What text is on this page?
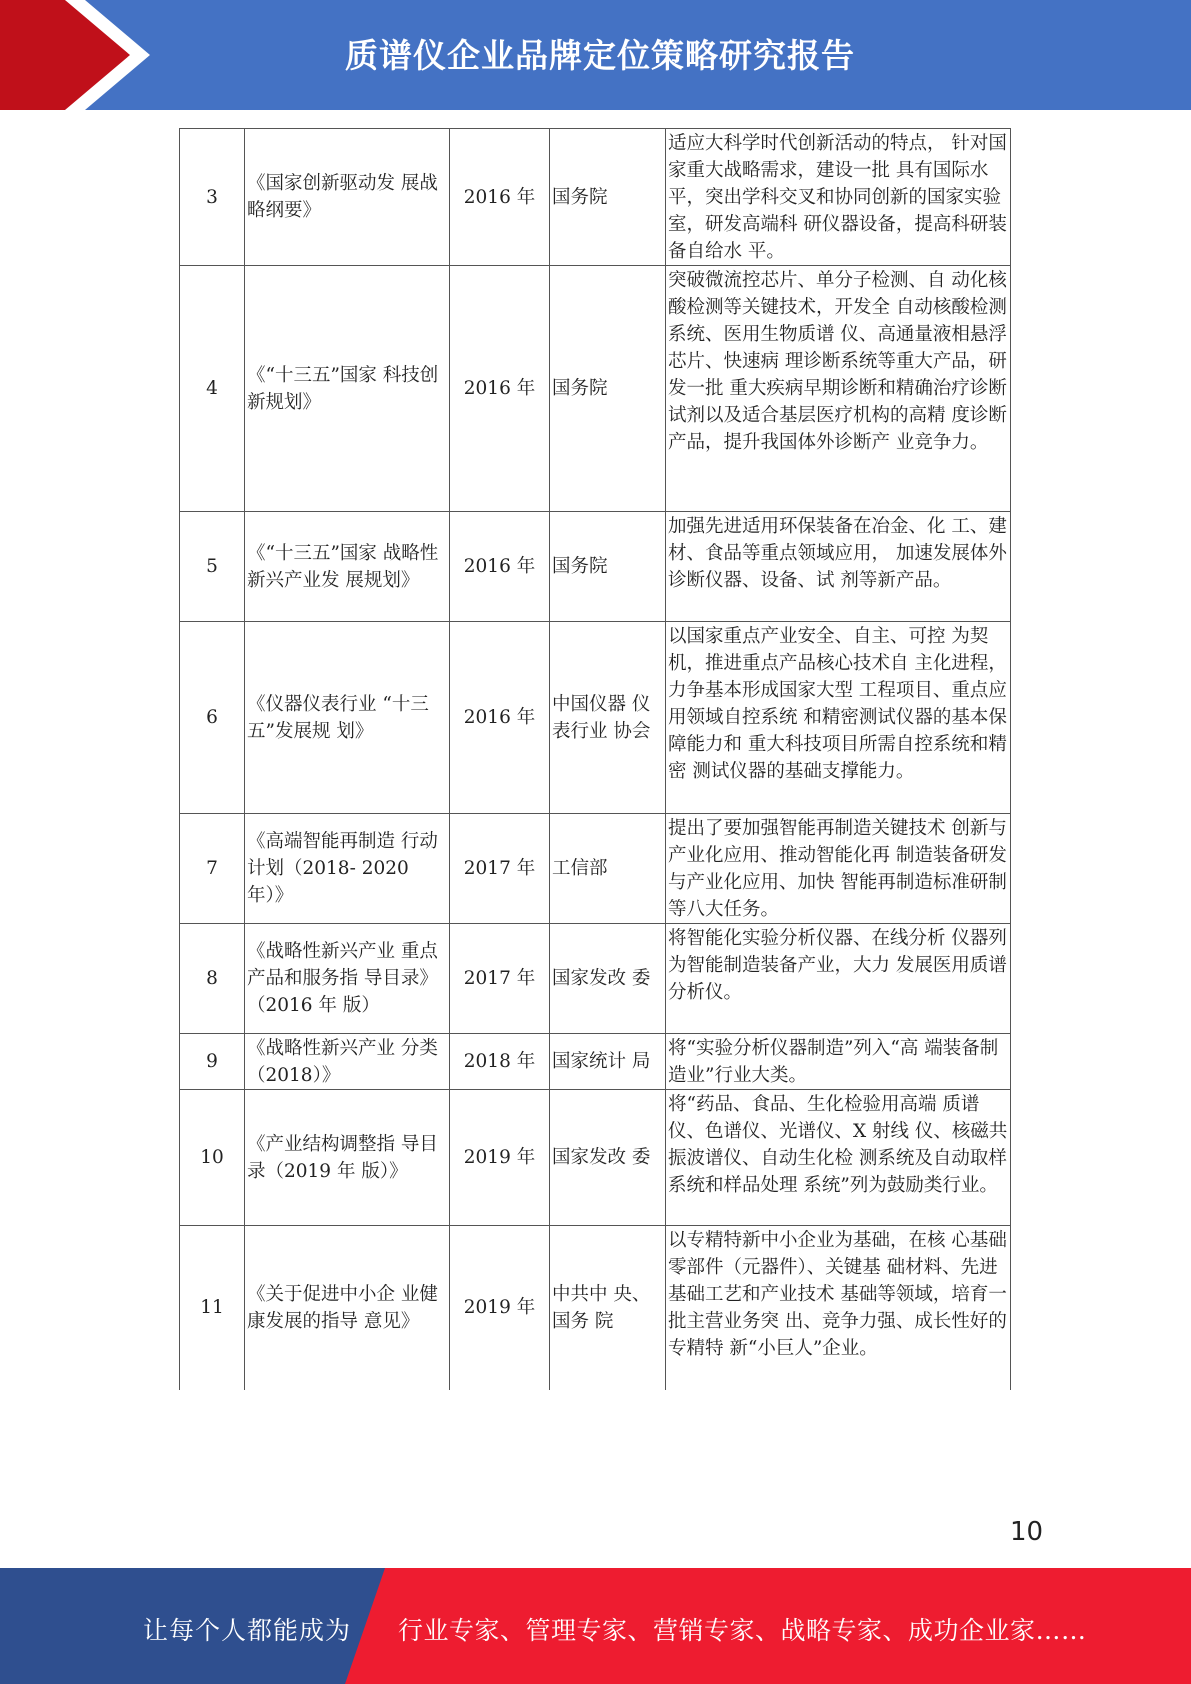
质谱仪企业品牌定位策略研究报告
3	《国家创新驱动发 展战略纲要》	2016 年	国务院	适应大科学时代创新活动的特点， 针对国家重大战略需求，建设一批 具有国际水平，突出学科交叉和协同创新的国家实验室，研发高端科 研仪器设备，提高科研装备自给水 平。
4	《“十三五”国家 科技创新规划》	2016 年	国务院	突破微流控芯片、单分子检测、自 动化核酸检测等关键技术，开发全 自动核酸检测系统、医用生物质谱 仪、高通量液相悬浮芯片、快速病 理诊断系统等重大产品，研发一批 重大疾病早期诊断和精确治疗诊断 试剂以及适合基层医疗机构的高精 度诊断产品，提升我国体外诊断产 业竞争力。
5	《“十三五”国家 战略性新兴产业发 展规划》	2016 年	国务院	加强先进适用环保装备在冶金、化 工、建材、食品等重点领域应用， 加速发展体外诊断仪器、设备、试 剂等新产品。
6	《仪器仪表行业 “十三五”发展规 划》	2016 年	中国仪器 仪表行业 协会	以国家重点产业安全、自主、可控 为契机，推进重点产品核心技术自 主化进程，力争基本形成国家大型 工程项目、重点应用领域自控系统 和精密测试仪器的基本保障能力和 重大科技项目所需自控系统和精密 测试仪器的基础支撑能力。
7	《高端智能再制造 行动计划（2018- 2020 年）》	2017 年	工信部	提出了要加强智能再制造关键技术 创新与产业化应用、推动智能化再 制造装备研发与产业化应用、加快 智能再制造标准研制等八大任务。
8	《战略性新兴产业 重点产品和服务指 导目录》（2016 年 版）	2017 年	国家发改 委	将智能化实验分析仪器、在线分析 仪器列为智能制造装备产业，大力 发展医用质谱分析仪。
9	《战略性新兴产业 分类（2018）》	2018 年	国家统计 局	将“实验分析仪器制造”列入“高 端装备制造业”行业大类。
10	《产业结构调整指 导目录（2019 年 版）》	2019 年	国家发改 委	将“药品、食品、生化检验用高端 质谱仪、色谱仪、光谱仪、X 射线 仪、核磁共振波谱仪、自动生化检 测系统及自动取样系统和样品处理 系统”列为鼓励类行业。
11	《关于促进中小企 业健康发展的指导 意见》	2019 年	中共中 央、国务 院	以专精特新中小企业为基础，在核 心基础零部件（元器件）、关键基 础材料、先进基础工艺和产业技术 基础等领域，培育一批主营业务突 出、竞争力强、成长性好的专精特 新“小巨人”企业。
10
让每个人都能成为 行业专家、管理专家、营销专家、战略专家、成功企业家……
